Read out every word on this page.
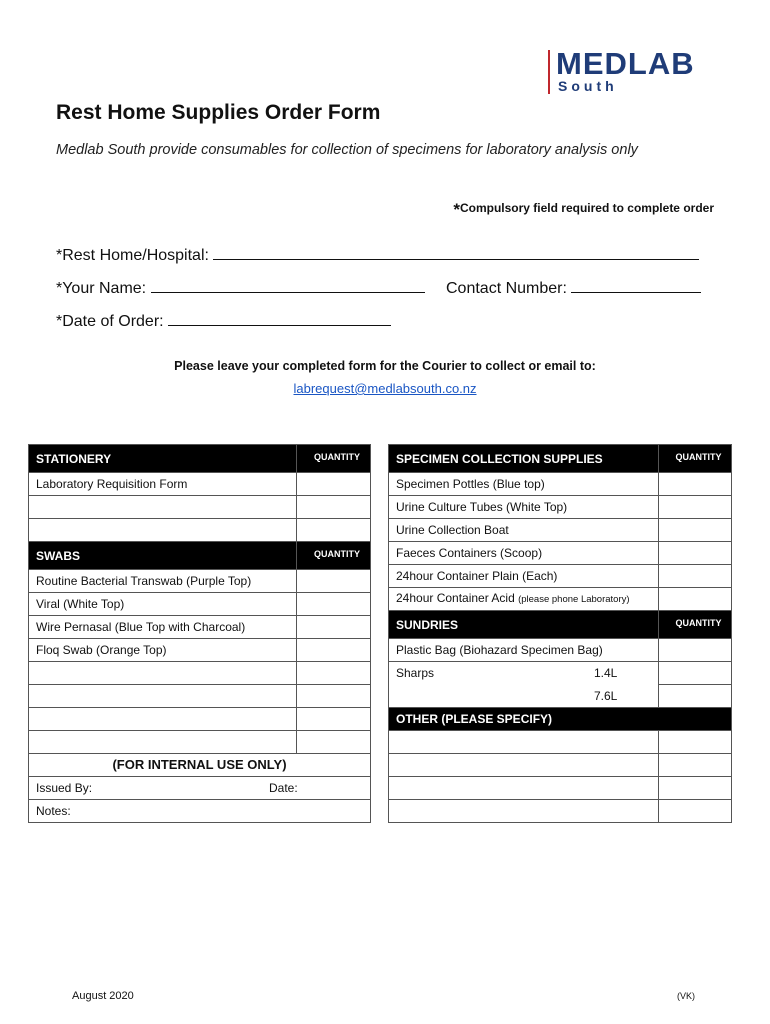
MEDLAB
South
Rest Home Supplies Order Form
Medlab South provide consumables for collection of specimens for laboratory analysis only
*Compulsory field required to complete order
*Rest Home/Hospital:
*Your Name:	Contact Number:
*Date of Order:
Please leave your completed form for the Courier to collect or email to:
labrequest@medlabsouth.co.nz
STATIONERY	QUANTITY
Laboratory Requisition Form	

SWABS	QUANTITY
Routine Bacterial Transwab (Purple Top)	
Viral (White Top)	
Wire Pernasal (Blue Top with Charcoal)	
Floq Swab (Orange Top)	

(FOR INTERNAL USE ONLY)	
Issued By: Date:	

Notes:	
SPECIMEN COLLECTION SUPPLIES	QUANTITY
Specimen Pottles (Blue top)	
Urine Culture Tubes (White Top)	
Urine Collection Boat	
Faeces Containers (Scoop)	
24hour Container Plain (Each)	
24hour Container Acid (please phone Laboratory)	
SUNDRIES	QUANTITY
Plastic Bag (Biohazard Specimen Bag)	
Sharps 1.4L	

7.6L	

OTHER (PLEASE SPECIFY)	

August 2020	(VK)
